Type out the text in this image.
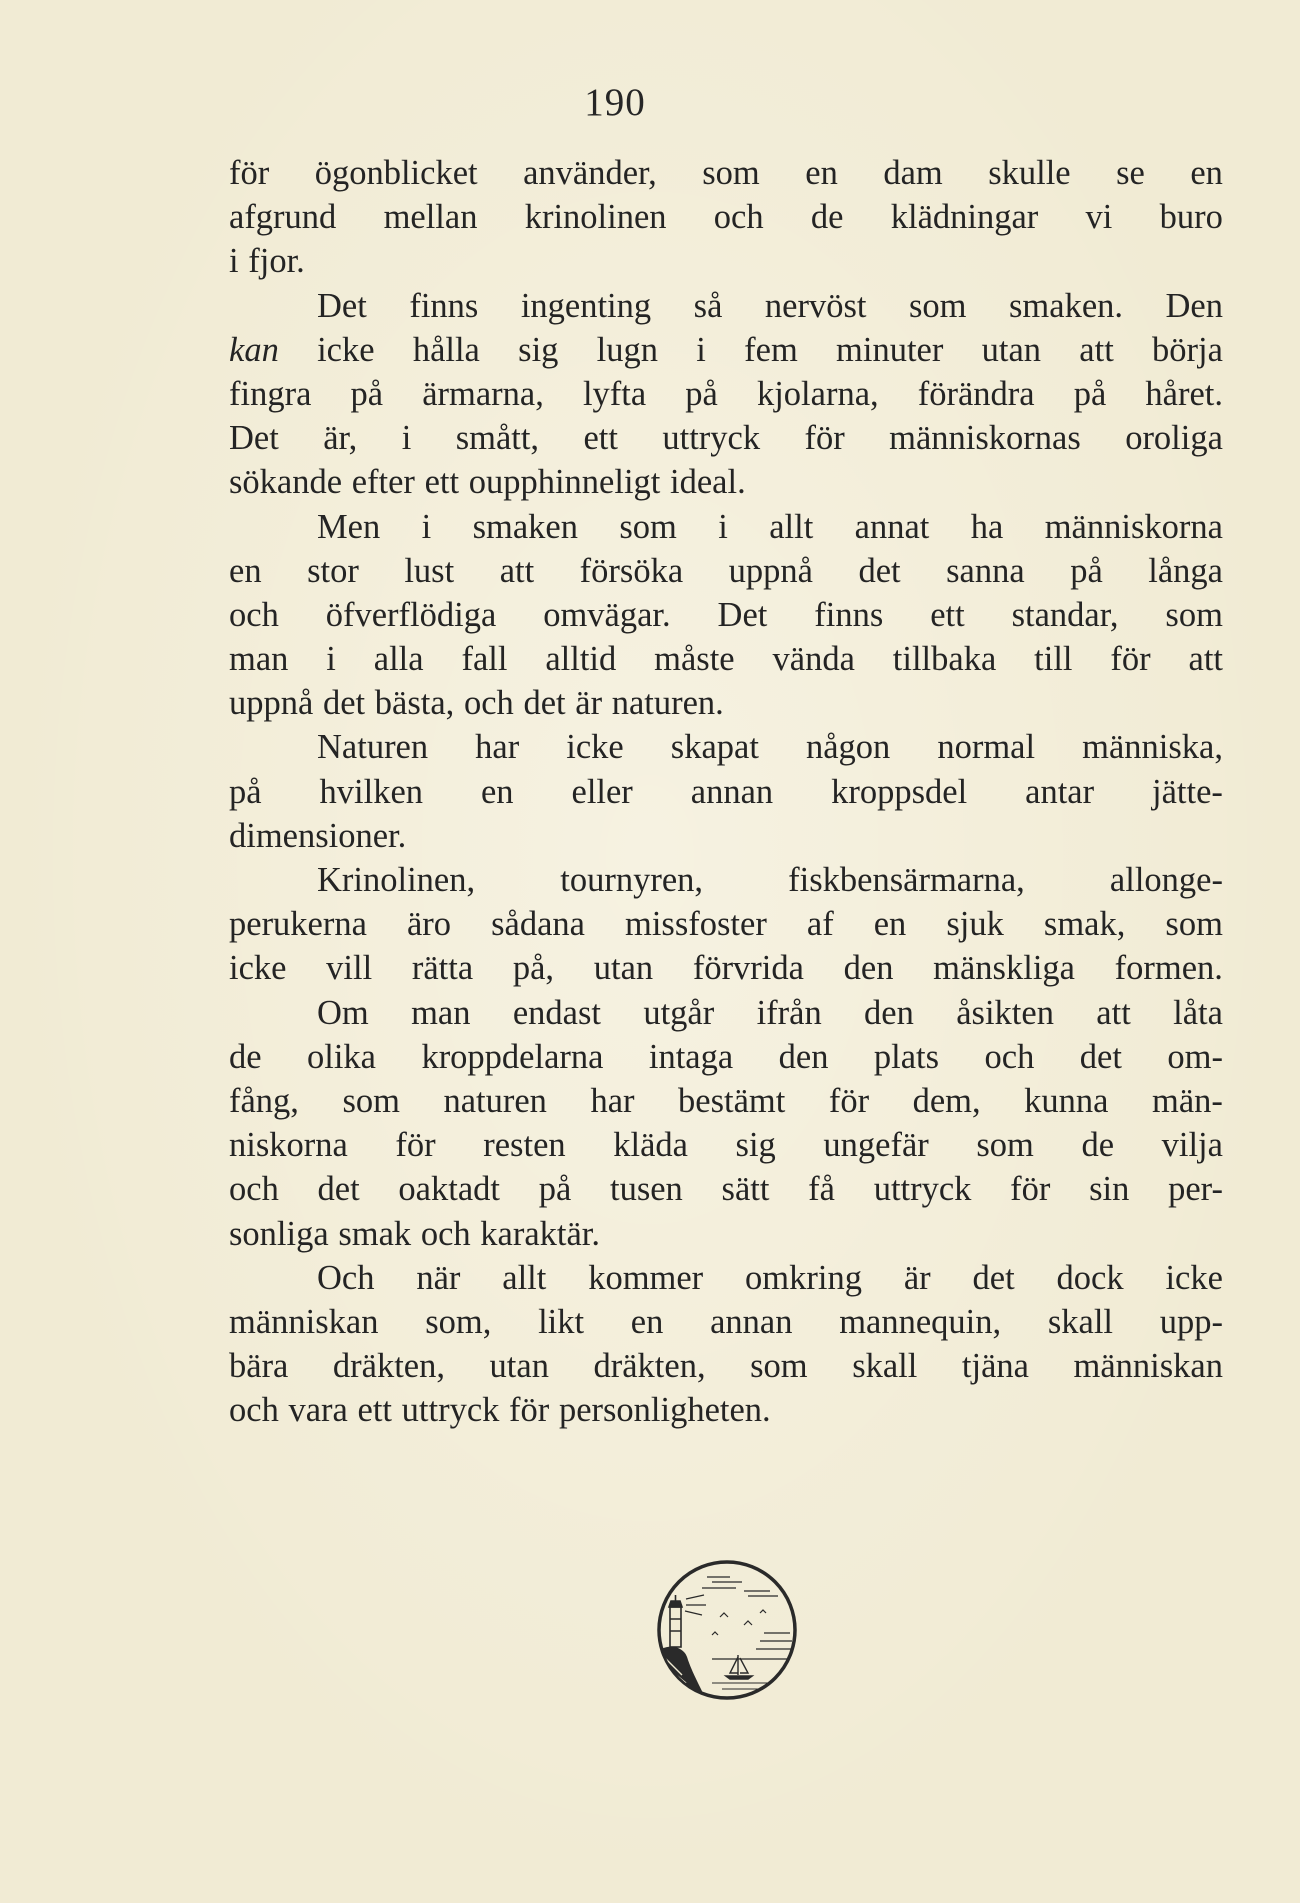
190
för ögonblicket använder, som en dam skulle se en
afgrund mellan krinolinen och de klädningar vi buro
i fjor.
Det finns ingenting så nervöst som smaken. Den
kan icke hålla sig lugn i fem minuter utan att börja
fingra på ärmarna, lyfta på kjolarna, förändra på håret.
Det är, i smått, ett uttryck för människornas oroliga
sökande efter ett oupphinneligt ideal.
Men i smaken som i allt annat ha människorna
en stor lust att försöka uppnå det sanna på långa
och öfverflödiga omvägar. Det finns ett standar, som
man i alla fall alltid måste vända tillbaka till för att
uppnå det bästa, och det är naturen.
Naturen har icke skapat någon normal människa,
på hvilken en eller annan kroppsdel antar jätte-
dimensioner.
Krinolinen, tournyren, fiskbensärmarna, allonge-
perukerna äro sådana missfoster af en sjuk smak, som
icke vill rätta på, utan förvrida den mänskliga formen.
Om man endast utgår ifrån den åsikten att låta
de olika kroppdelarna intaga den plats och det om-
fång, som naturen har bestämt för dem, kunna män-
niskorna för resten kläda sig ungefär som de vilja
och det oaktadt på tusen sätt få uttryck för sin per-
sonliga smak och karaktär.
Och när allt kommer omkring är det dock icke
människan som, likt en annan mannequin, skall upp-
bära dräkten, utan dräkten, som skall tjäna människan
och vara ett uttryck för personligheten.
